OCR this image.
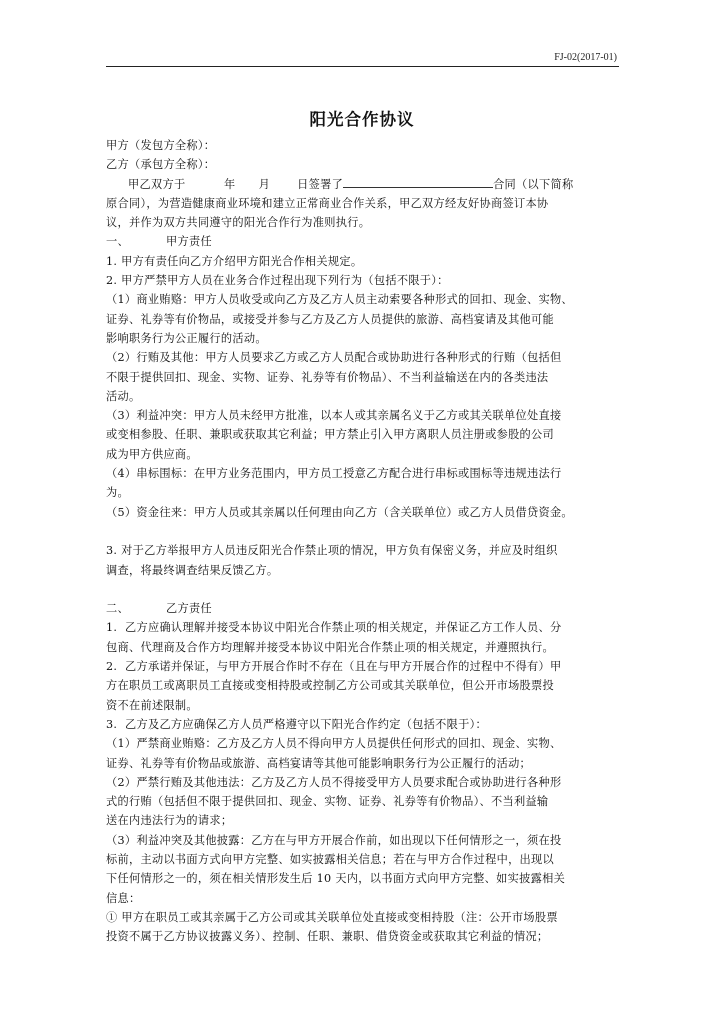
FJ-02(2017-01)
阳光合作协议

甲方（发包方全称）：

乙方（承包方全称）：

甲乙双方于          年      月       日签署了	合同（以下简称

原合同），为营造健康商业环境和建立正常商业合作关系，甲乙双方经友好协商签订本协

议，并作为双方共同遵守的阳光合作行为准则执行。

一、	甲方责任

1. 甲方有责任向乙方介绍甲方阳光合作相关规定。

2. 甲方严禁甲方人员在业务合作过程出现下列行为（包括不限于）：

（1）商业贿赂：甲方人员收受或向乙方及乙方人员主动索要各种形式的回扣、现金、实物、

证券、礼券等有价物品，或接受并参与乙方及乙方人员提供的旅游、高档宴请及其他可能

影响职务行为公正履行的活动。

（2）行贿及其他：甲方人员要求乙方或乙方人员配合或协助进行各种形式的行贿（包括但

不限于提供回扣、现金、实物、证券、礼券等有价物品）、不当利益输送在内的各类违法

活动。

（3）利益冲突：甲方人员未经甲方批准，以本人或其亲属名义于乙方或其关联单位处直接

或变相参股、任职、兼职或获取其它利益；甲方禁止引入甲方离职人员注册或参股的公司

成为甲方供应商。

（4）串标围标：在甲方业务范围内，甲方员工授意乙方配合进行串标或围标等违规违法行

为。

（5）资金往来：甲方人员或其亲属以任何理由向乙方（含关联单位）或乙方人员借贷资金。

3. 对于乙方举报甲方人员违反阳光合作禁止项的情况，甲方负有保密义务，并应及时组织

调查，将最终调查结果反馈乙方。

二、	乙方责任

1.  乙方应确认理解并接受本协议中阳光合作禁止项的相关规定，并保证乙方工作人员、分

包商、代理商及合作方均理解并接受本协议中阳光合作禁止项的相关规定，并遵照执行。

2.  乙方承诺并保证，与甲方开展合作时不存在（且在与甲方开展合作的过程中不得有）甲

方在职员工或离职员工直接或变相持股或控制乙方公司或其关联单位，但公开市场股票投

资不在前述限制。

3.  乙方及乙方应确保乙方人员严格遵守以下阳光合作约定（包括不限于）：

（1）严禁商业贿赂：乙方及乙方人员不得向甲方人员提供任何形式的回扣、现金、实物、

证券、礼券等有价物品或旅游、高档宴请等其他可能影响职务行为公正履行的活动；

（2）严禁行贿及其他违法：乙方及乙方人员不得接受甲方人员要求配合或协助进行各种形

式的行贿（包括但不限于提供回扣、现金、实物、证券、礼券等有价物品）、不当利益输

送在内违法行为的请求；

（3）利益冲突及其他披露：乙方在与甲方开展合作前，如出现以下任何情形之一，须在投

标前，主动以书面方式向甲方完整、如实披露相关信息；若在与甲方合作过程中，出现以

下任何情形之一的，须在相关情形发生后 10 天内，以书面方式向甲方完整、如实披露相关

信息：

① 甲方在职员工或其亲属于乙方公司或其关联单位处直接或变相持股（注：公开市场股票

投资不属于乙方协议披露义务）、控制、任职、兼职、借贷资金或获取其它利益的情况；
